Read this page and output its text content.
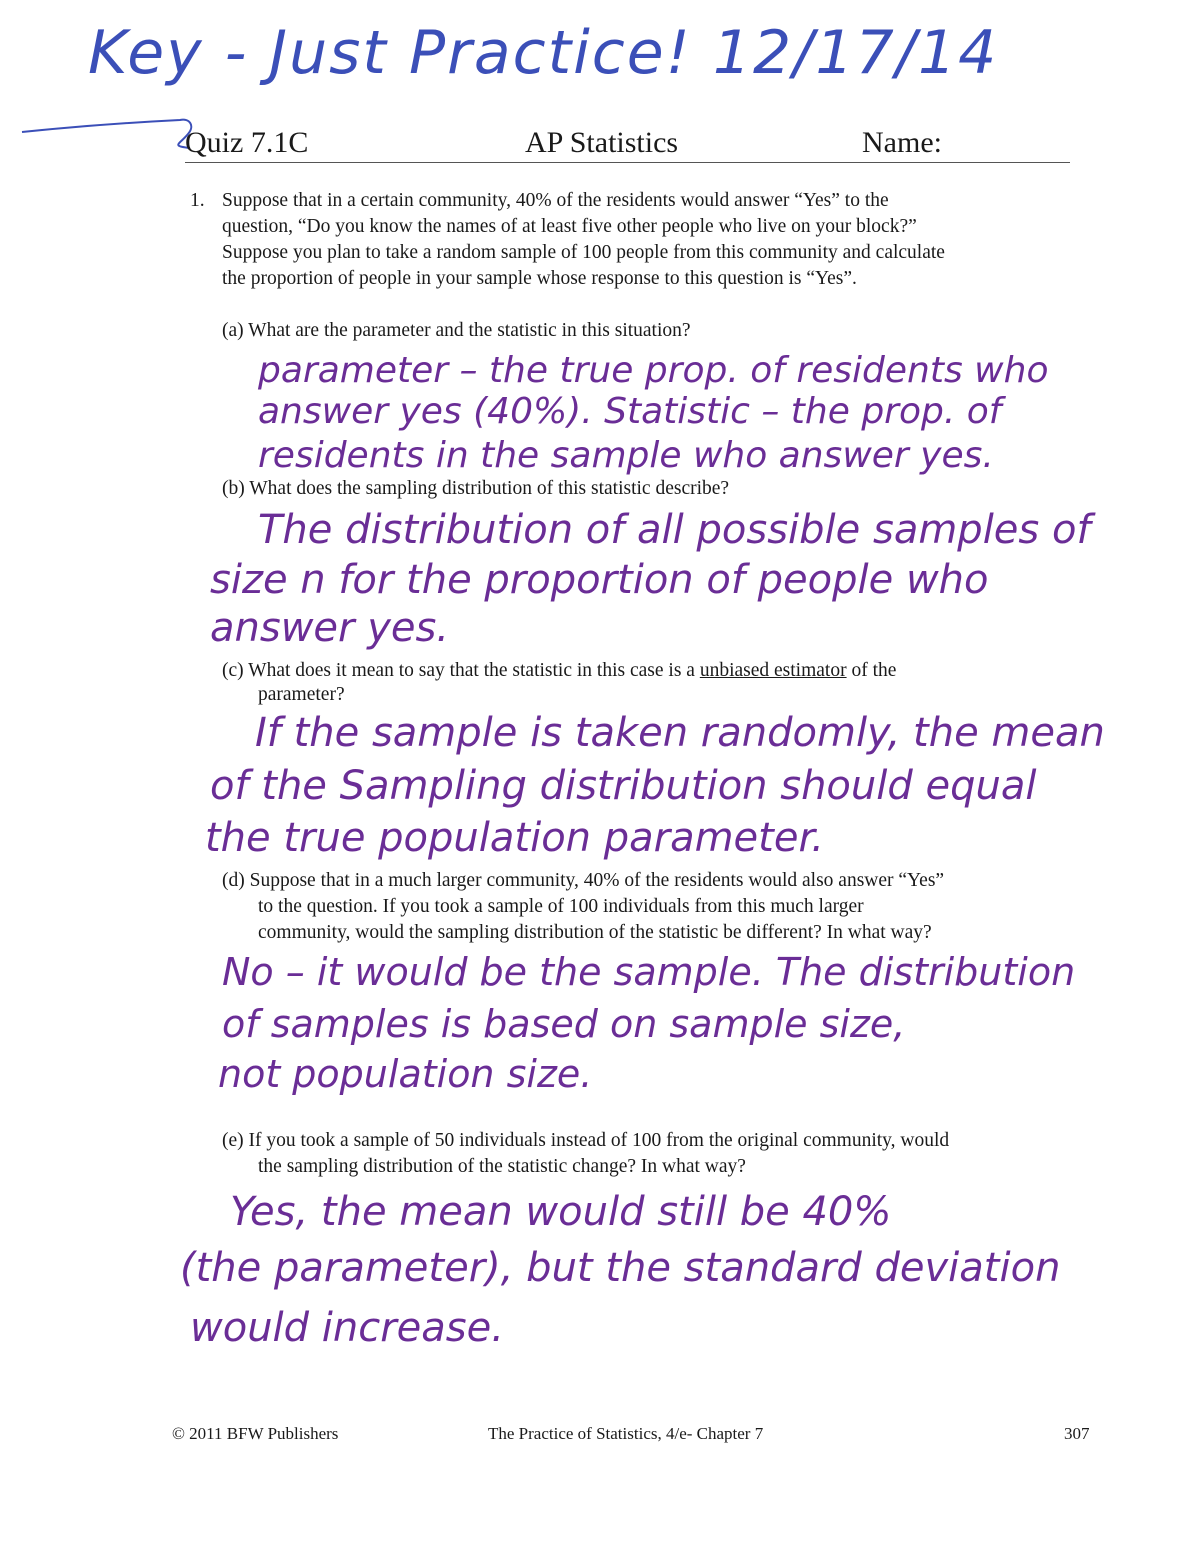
Key - Just Practice! 12/17/14
Quiz 7.1C	AP Statistics	Name:
1. Suppose that in a certain community, 40% of the residents would answer “Yes” to the
question, “Do you know the names of at least five other people who live on your block?”
Suppose you plan to take a random sample of 100 people from this community and calculate
the proportion of people in your sample whose response to this question is “Yes”.
(a) What are the parameter and the statistic in this situation?
parameter – the true prop. of residents who
answer yes (40%). Statistic – the prop. of
residents in the sample who answer yes.
(b) What does the sampling distribution of this statistic describe?
The distribution of all possible samples of
size n for the proportion of people who
answer yes.
(c) What does it mean to say that the statistic in this case is a unbiased estimator of the
parameter?
If the sample is taken randomly, the mean
of the Sampling distribution should equal
the true population parameter.
(d) Suppose that in a much larger community, 40% of the residents would also answer “Yes”
to the question. If you took a sample of 100 individuals from this much larger
community, would the sampling distribution of the statistic be different? In what way?
No – it would be the sample. The distribution
of samples is based on sample size,
not population size.
(e) If you took a sample of 50 individuals instead of 100 from the original community, would
the sampling distribution of the statistic change? In what way?
Yes, the mean would still be 40%
(the parameter), but the standard deviation
would increase.
© 2011 BFW Publishers	The Practice of Statistics, 4/e- Chapter 7	307
